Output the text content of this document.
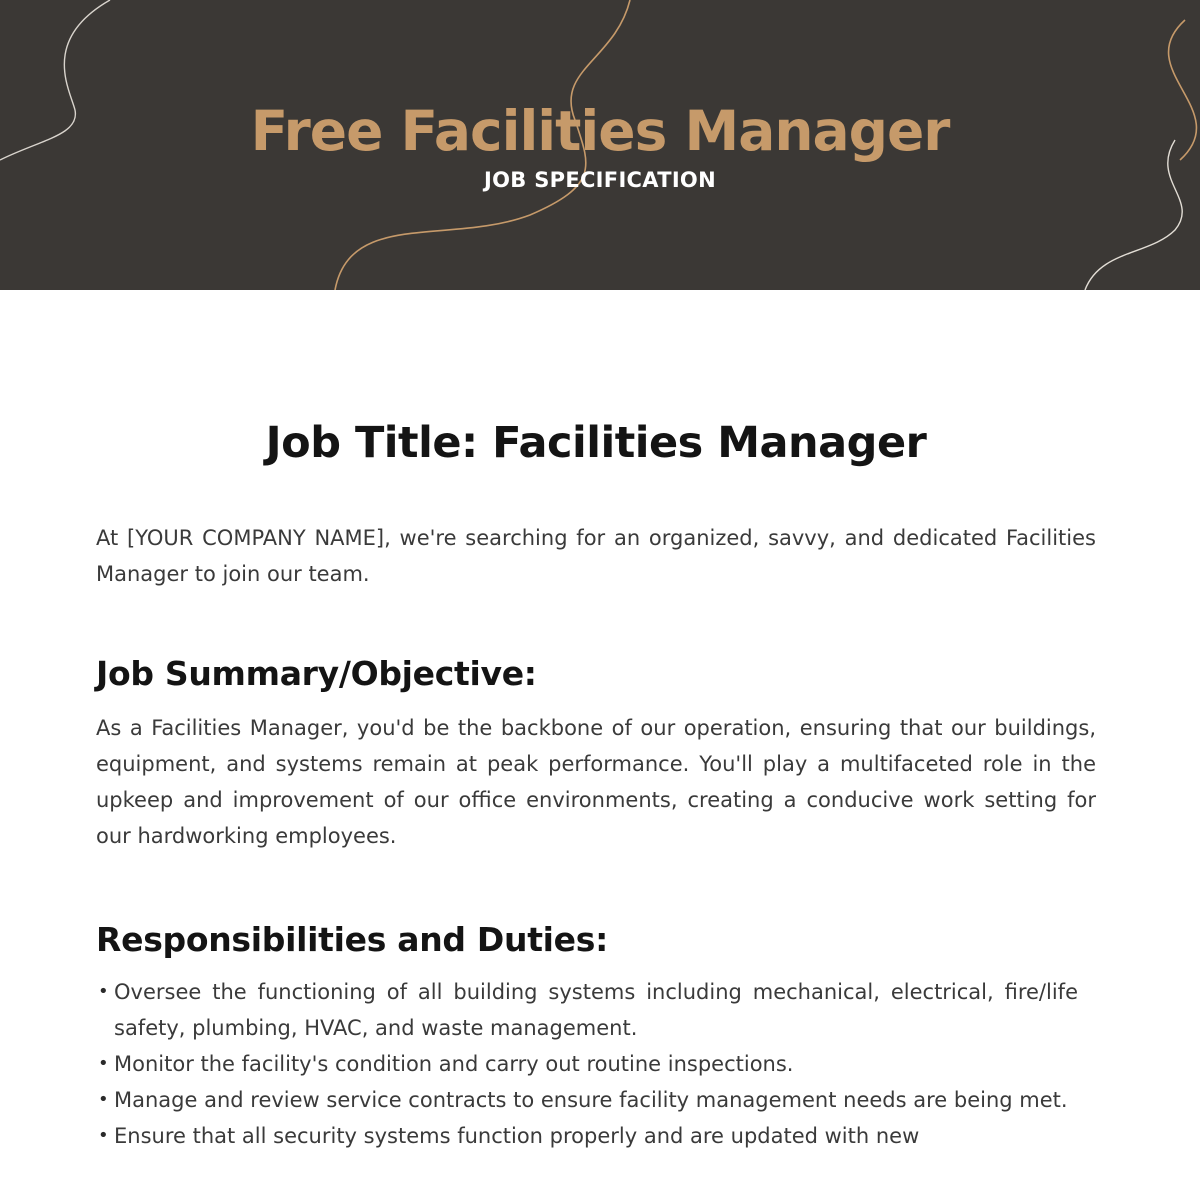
Free Facilities Manager
JOB SPECIFICATION
Job Title: Facilities Manager

At [YOUR COMPANY NAME], we're searching for an organized, savvy, and dedicated Facilities Manager to join our team.

Job Summary/Objective:

As a Facilities Manager, you'd be the backbone of our operation, ensuring that our buildings, equipment, and systems remain at peak performance. You'll play a multifaceted role in the upkeep and improvement of our office environments, creating a conducive work setting for our hardworking employees.

Responsibilities and Duties:
• Oversee the functioning of all building systems including mechanical, electrical, fire/life safety, plumbing, HVAC, and waste management.
• Monitor the facility's condition and carry out routine inspections.
• Manage and review service contracts to ensure facility management needs are being met.
• Ensure that all security systems function properly and are updated with new
